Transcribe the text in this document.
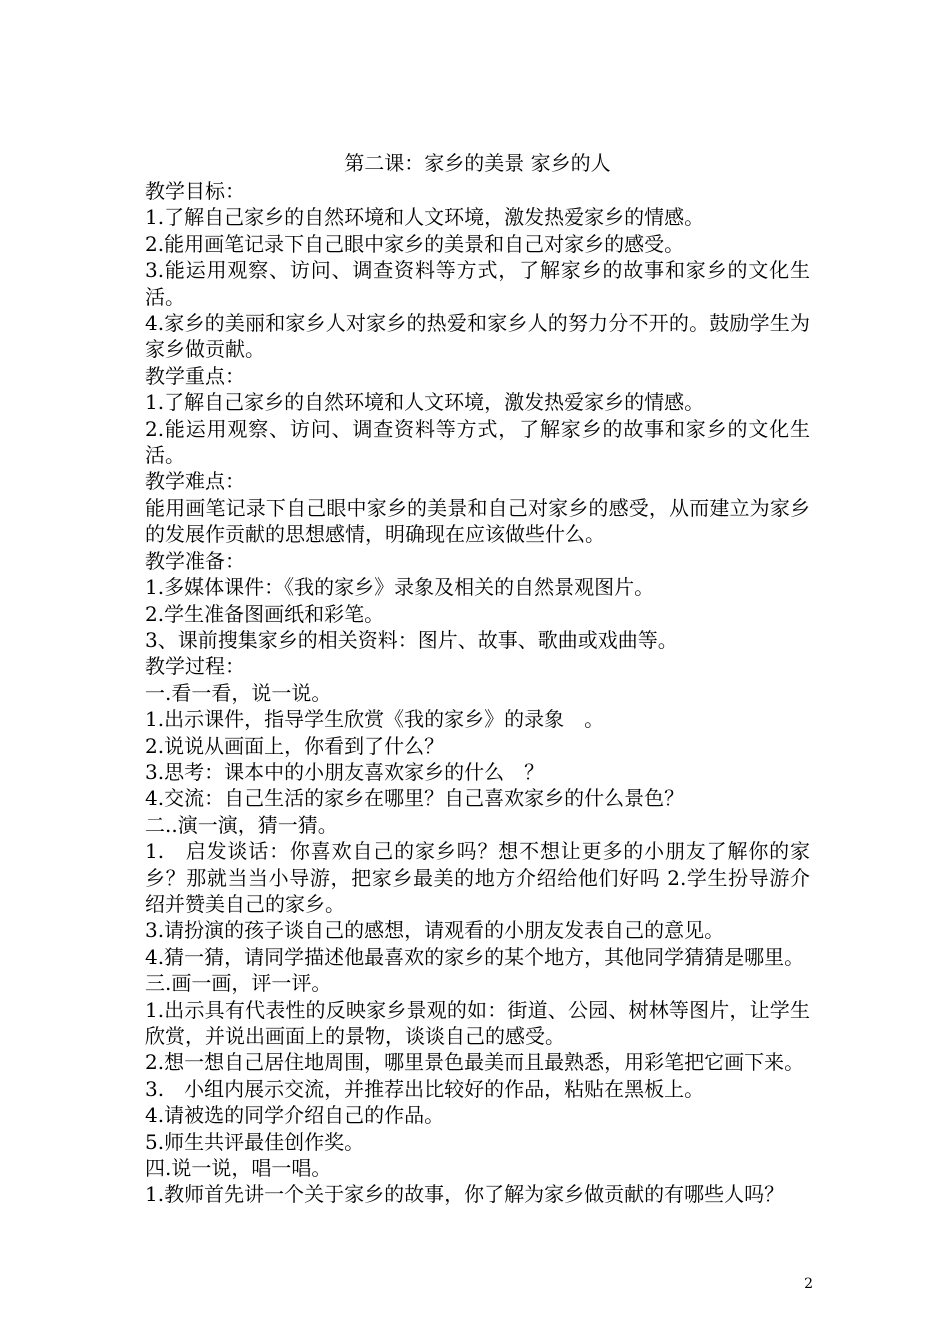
第二课：家乡的美景 家乡的人

教学目标：

1.了解自己家乡的自然环境和人文环境，激发热爱家乡的情感。

2.能用画笔记录下自己眼中家乡的美景和自己对家乡的感受。

3.能运用观察、访问、调查资料等方式，了解家乡的故事和家乡的文化生活。

4.家乡的美丽和家乡人对家乡的热爱和家乡人的努力分不开的。鼓励学生为家乡做贡献。

教学重点：

1.了解自己家乡的自然环境和人文环境，激发热爱家乡的情感。

2.能运用观察、访问、调查资料等方式，了解家乡的故事和家乡的文化生活。

教学难点：

能用画笔记录下自己眼中家乡的美景和自己对家乡的感受，从而建立为家乡的发展作贡献的思想感情，明确现在应该做些什么。

教学准备：

1.多媒体课件：《我的家乡》录象及相关的自然景观图片。

2.学生准备图画纸和彩笔。

3、课前搜集家乡的相关资料：图片、故事、歌曲或戏曲等。

教学过程：

一.看一看，说一说。

1.出示课件，指导学生欣赏《我的家乡》的录象　。

2.说说从画面上，你看到了什么？

3.思考：课本中的小朋友喜欢家乡的什么　？

4.交流：自己生活的家乡在哪里？自己喜欢家乡的什么景色？

二..演一演，猜一猜。

1.　启发谈话：你喜欢自己的家乡吗？想不想让更多的小朋友了解你的家乡？那就当当小导游，把家乡最美的地方介绍给他们好吗 2.学生扮导游介绍并赞美自己的家乡。

3.请扮演的孩子谈自己的感想，请观看的小朋友发表自己的意见。

4.猜一猜，请同学描述他最喜欢的家乡的某个地方，其他同学猜猜是哪里。

三.画一画，评一评。

1.出示具有代表性的反映家乡景观的如：街道、公园、树林等图片，让学生欣赏，并说出画面上的景物，谈谈自己的感受。

2.想一想自己居住地周围，哪里景色最美而且最熟悉，用彩笔把它画下来。

3.　小组内展示交流，并推荐出比较好的作品，粘贴在黑板上。

4.请被选的同学介绍自己的作品。

5.师生共评最佳创作奖。

四.说一说，唱一唱。

1.教师首先讲一个关于家乡的故事，你了解为家乡做贡献的有哪些人吗？

2
